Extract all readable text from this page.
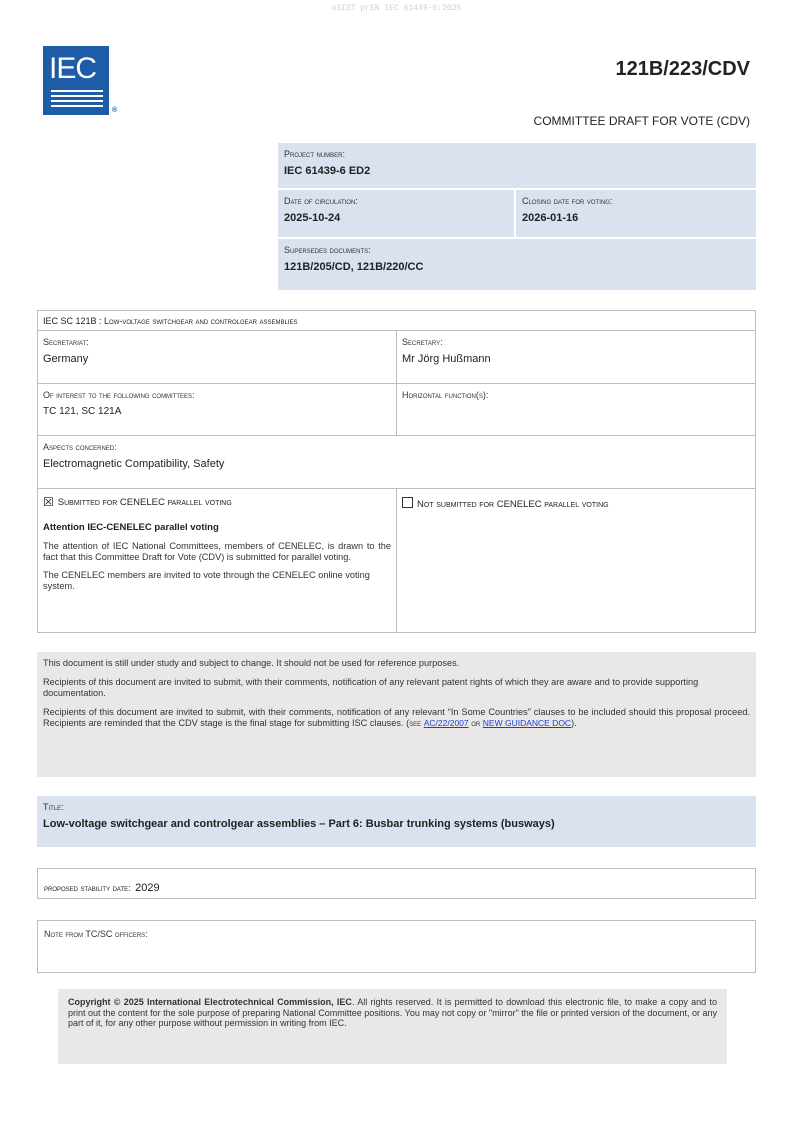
oSIST prEN IEC 61439-6:2025
IEC
®
121B/223/CDV
COMMITTEE DRAFT FOR VOTE (CDV)
Project number:
IEC 61439-6 ED2
Date of circulation:
2025-10-24
Closing date for voting:
2026-01-16
Supersedes documents:
121B/205/CD, 121B/220/CC
IEC SC 121B : Low-voltage switchgear and controlgear assemblies
Secretariat:
Germany
Secretary:
Mr Jörg Hußmann
Of interest to the following committees:
TC 121, SC 121A
Horizontal function(s):
Aspects concerned:
Electromagnetic Compatibility, Safety
☒ Submitted for CENELEC parallel voting
Attention IEC-CENELEC parallel voting
The attention of IEC National Committees, members of CENELEC, is drawn to the fact that this Committee Draft for Vote (CDV) is submitted for parallel voting.
The CENELEC members are invited to vote through the CENELEC online voting system.
Not submitted for CENELEC parallel voting
This document is still under study and subject to change. It should not be used for reference purposes.
Recipients of this document are invited to submit, with their comments, notification of any relevant patent rights of which they are aware and to provide supporting documentation.
Recipients of this document are invited to submit, with their comments, notification of any relevant “In Some Countries” clauses to be included should this proposal proceed. Recipients are reminded that the CDV stage is the final stage for submitting ISC clauses. (see AC/22/2007 or NEW GUIDANCE DOC).
Title:
Low-voltage switchgear and controlgear assemblies – Part 6: Busbar trunking systems (busways)
proposed stability date: 2029
Note from TC/SC officers:
Copyright © 2025 International Electrotechnical Commission, IEC. All rights reserved. It is permitted to download this electronic file, to make a copy and to print out the content for the sole purpose of preparing National Committee positions. You may not copy or "mirror" the file or printed version of the document, or any part of it, for any other purpose without permission in writing from IEC.
